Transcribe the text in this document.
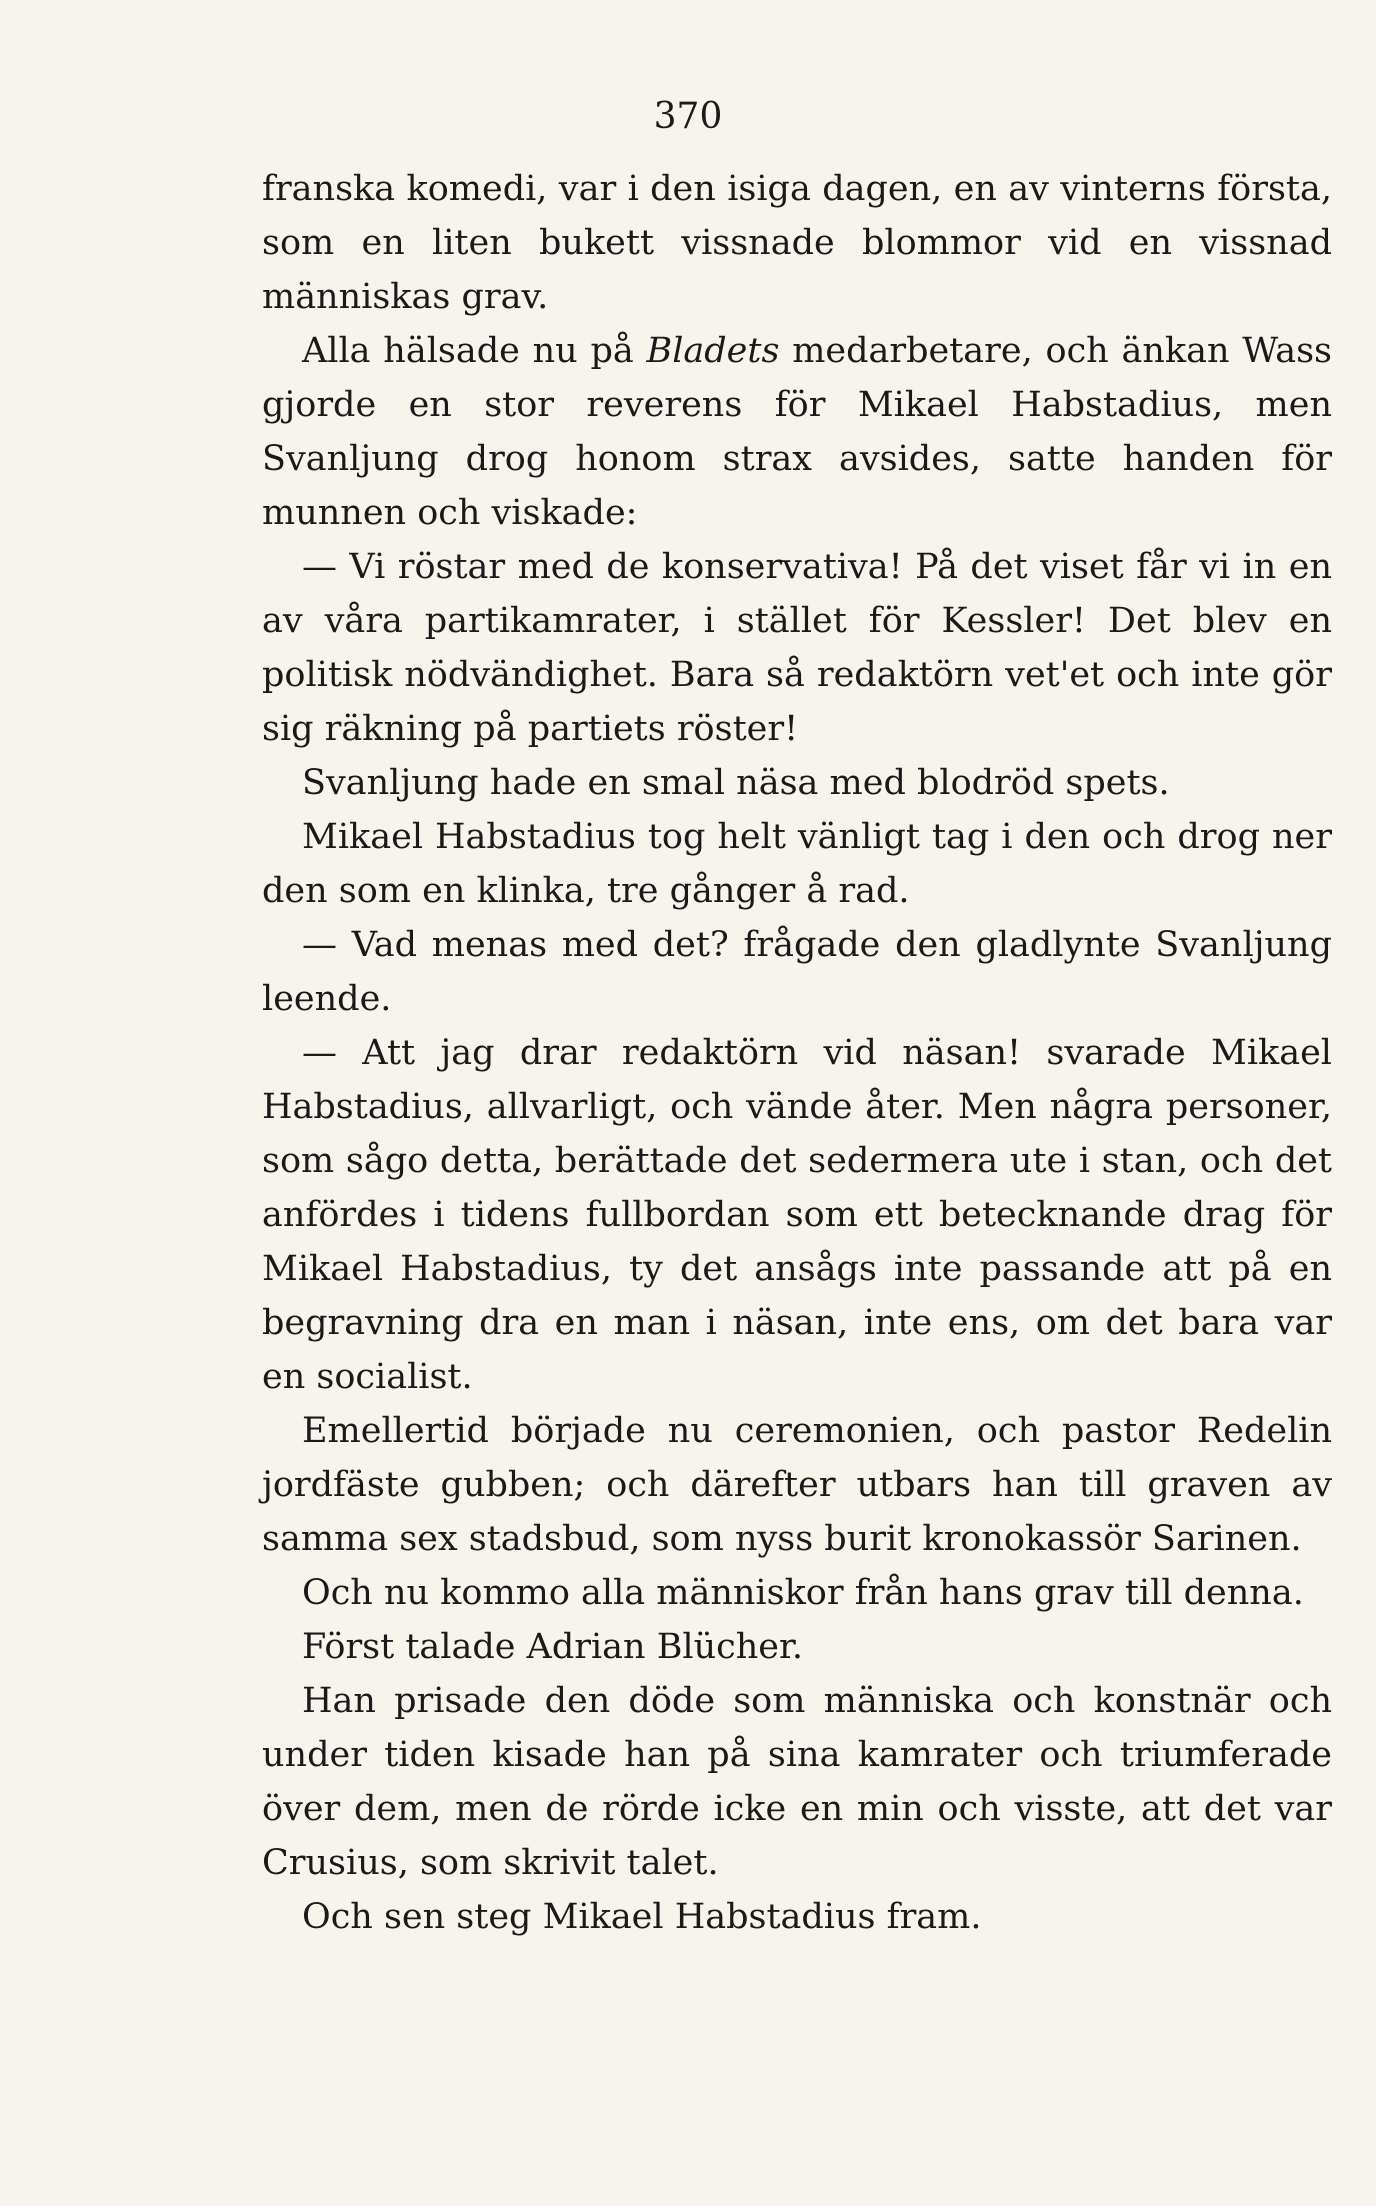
370

franska komedi, var i den isiga dagen, en av vinterns första, som en liten bukett vissnade blommor vid en vissnad människas grav.

Alla hälsade nu på Bladets medarbetare, och änkan Wass gjorde en stor reverens för Mikael Habstadius, men Svanljung drog honom strax avsides, satte handen för munnen och viskade:

— Vi röstar med de konservativa! På det viset får vi in en av våra partikamrater, i stället för Kessler! Det blev en politisk nödvändighet. Bara så redaktörn vet'et och inte gör sig räkning på partiets röster!

Svanljung hade en smal näsa med blodröd spets.

Mikael Habstadius tog helt vänligt tag i den och drog ner den som en klinka, tre gånger å rad.

— Vad menas med det? frågade den gladlynte Svanljung leende.

— Att jag drar redaktörn vid näsan! svarade Mikael Habstadius, allvarligt, och vände åter. Men några personer, som sågo detta, berättade det sedermera ute i stan, och det anfördes i tidens fullbordan som ett betecknande drag för Mikael Habstadius, ty det ansågs inte passande att på en begravning dra en man i näsan, inte ens, om det bara var en socialist.

Emellertid började nu ceremonien, och pastor Redelin jordfäste gubben; och därefter utbars han till graven av samma sex stadsbud, som nyss burit kronokassör Sarinen.

Och nu kommo alla människor från hans grav till denna.

Först talade Adrian Blücher.

Han prisade den döde som människa och konstnär och under tiden kisade han på sina kamrater och triumferade över dem, men de rörde icke en min och visste, att det var Crusius, som skrivit talet.

Och sen steg Mikael Habstadius fram.
